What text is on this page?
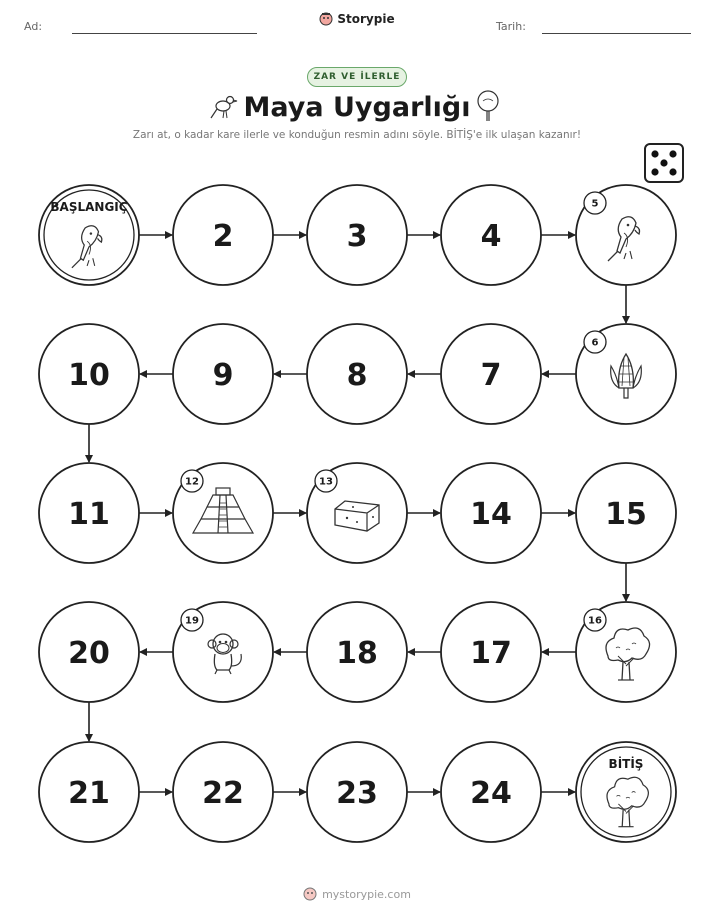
Ad:
Storypie
Tarih:
ZAR VE İLERLE
Maya Uygarlığı
Zarı at, o kadar kare ilerle ve konduğun resmin adını söyle. BİTİŞ'e ilk ulaşan kazanır!
BAŞLANGIÇ
2	3	4
5
6
7
8
9
10
11
12	13
14	15
16
17
18
19
20
21	22	23	24
BİTİŞ
mystorypie.com
